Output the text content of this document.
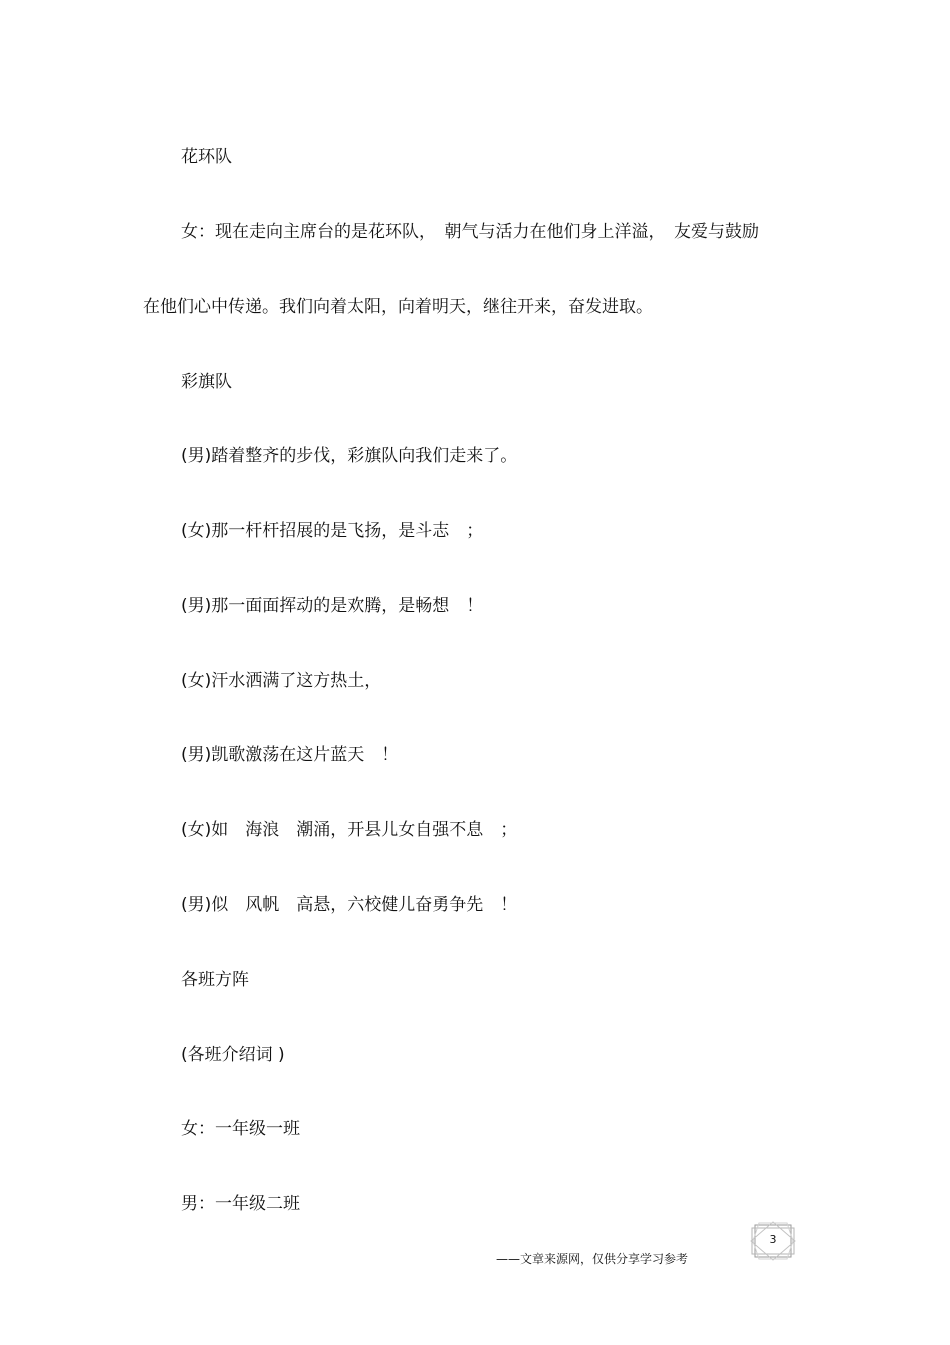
花环队
女：现在走向主席台的是花环队，　朝气与活力在他们身上洋溢，　友爱与鼓励
在他们心中传递。我们向着太阳，向着明天，继往开来，奋发进取。
彩旗队
(男)踏着整齐的步伐，彩旗队向我们走来了。
(女)那一杆杆招展的是飞扬，是斗志　；
(男)那一面面挥动的是欢腾，是畅想　！
(女)汗水洒满了这方热土，
(男)凯歌激荡在这片蓝天　！
(女)如　海浪　潮涌，开县儿女自强不息　；
(男)似　风帆　高悬，六校健儿奋勇争先　！
各班方阵
(各班介绍词 )
女：一年级一班
男：一年级二班
——文章来源网，仅供分享学习参考
3
